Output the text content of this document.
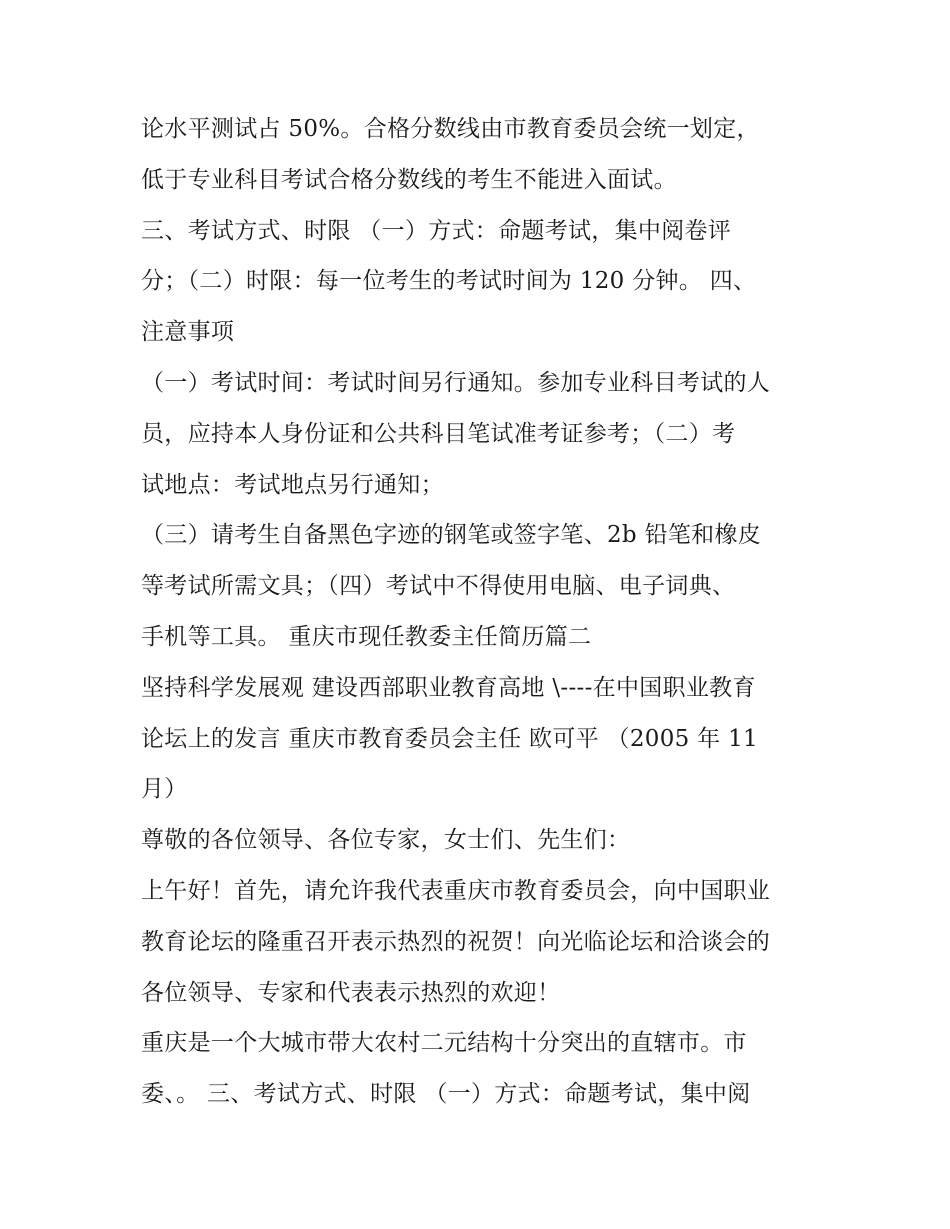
论水平测试占 50%。合格分数线由市教育委员会统一划定，
低于专业科目考试合格分数线的考生不能进入面试。
三、考试方式、时限 （一）方式：命题考试，集中阅卷评
分；（二）时限：每一位考生的考试时间为 120 分钟。 四、
注意事项
（一）考试时间：考试时间另行通知。参加专业科目考试的人
员，应持本人身份证和公共科目笔试准考证参考；（二）考
试地点：考试地点另行通知；
（三）请考生自备黑色字迹的钢笔或签字笔、2b 铅笔和橡皮
等考试所需文具；（四）考试中不得使用电脑、电子词典、
手机等工具。 重庆市现任教委主任简历篇二
坚持科学发展观 建设西部职业教育高地 \----在中国职业教育
论坛上的发言 重庆市教育委员会主任 欧可平 （2005 年 11
月）
尊敬的各位领导、各位专家，女士们、先生们：
上午好！首先，请允许我代表重庆市教育委员会，向中国职业
教育论坛的隆重召开表示热烈的祝贺！向光临论坛和洽谈会的
各位领导、专家和代表表示热烈的欢迎！
重庆是一个大城市带大农村二元结构十分突出的直辖市。市
委、。 三、考试方式、时限 （一）方式：命题考试，集中阅
